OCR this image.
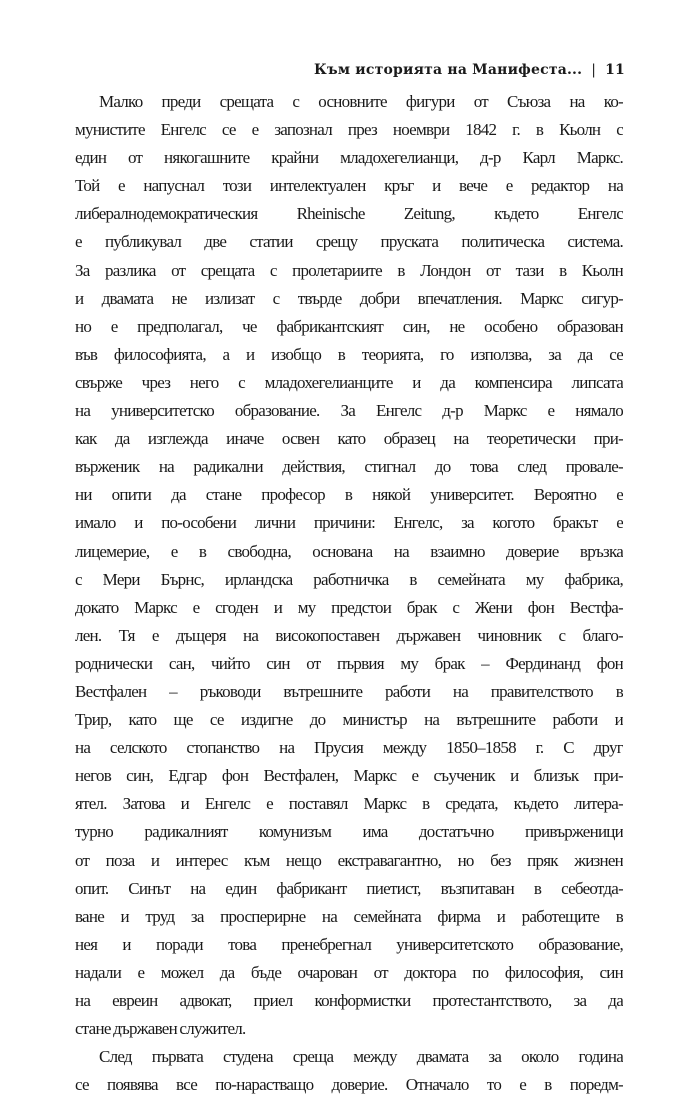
Към историята на Манифеста... | 11
Малко преди срещата с основните фигури от Съюза на ко-
мунистите Енгелс се е запознал през ноември 1842 г. в Кьолн с
един от някогашните крайни младохегелианци, д-р Карл Маркс.
Той е напуснал този интелектуален кръг и вече е редактор на
либералнодемократическия Rheinische Zeitung, където Енгелс
е публикувал две статии срещу пруската политическа система.
За разлика от срещата с пролетариите в Лондон от тази в Кьолн
и двамата не излизат с твърде добри впечатления. Маркс сигур-
но е предполагал, че фабрикантският син, не особено образован
във философията, а и изобщо в теорията, го използва, за да се
свърже чрез него с младохегелианците и да компенсира липсата
на университетско образование. За Енгелс д-р Маркс е нямало
как да изглежда иначе освен като образец на теоретически при-
върженик на радикални действия, стигнал до това след провале-
ни опити да стане професор в някой университет. Вероятно е
имало и по-особени лични причини: Енгелс, за когото бракът е
лицемерие, е в свободна, основана на взаимно доверие връзка
с Мери Бърнс, ирландска работничка в семейната му фабрика,
докато Маркс е сгоден и му предстои брак с Жени фон Вестфа-
лен. Тя е дъщеря на високопоставен държавен чиновник с благо-
роднически сан, чийто син от първия му брак – Фердинанд фон
Вестфален – ръководи вътрешните работи на правителството в
Трир, като ще се издигне до министър на вътрешните работи и
на селското стопанство на Прусия между 1850–1858 г. С друг
негов син, Едгар фон Вестфален, Маркс е съученик и близък при-
ятел. Затова и Енгелс е поставял Маркс в средата, където литера-
турно радикалният комунизъм има достатъчно привърженици
от поза и интерес към нещо екстравагантно, но без пряк жизнен
опит. Синът на един фабрикант пиетист, възпитаван в себеотда-
ване и труд за просперирне на семейната фирма и работещите в
нея и поради това пренебрегнал университетското образование,
надали е можел да бъде очарован от доктора по философия, син
на евреин адвокат, приел конформистки протестантството, за да
стане държавен служител.
След първата студена среща между двамата за около година
се появява все по-нарастващо доверие. Отначало то е в поредм-
